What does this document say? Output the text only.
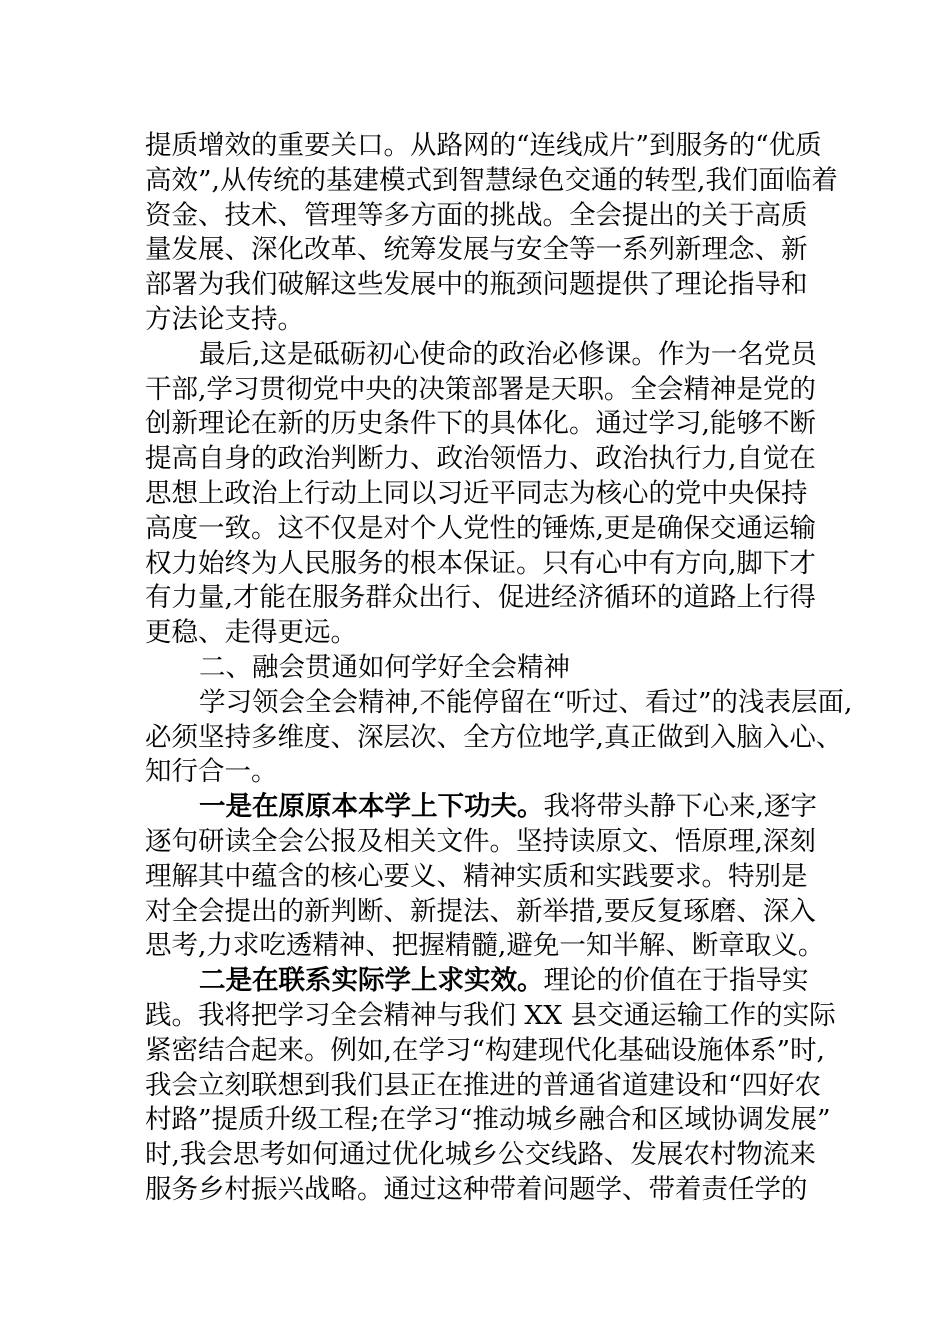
提质增效的重要关口。从路网的“连线成片”到服务的“优质
高效”,从传统的基建模式到智慧绿色交通的转型,我们面临着
资金、技术、管理等多方面的挑战。全会提出的关于高质
量发展、深化改革、统筹发展与安全等一系列新理念、新
部署为我们破解这些发展中的瓶颈问题提供了理论指导和
方法论支持。
最后,这是砥砺初心使命的政治必修课。作为一名党员
干部,学习贯彻党中央的决策部署是天职。全会精神是党的
创新理论在新的历史条件下的具体化。通过学习,能够不断
提高自身的政治判断力、政治领悟力、政治执行力,自觉在
思想上政治上行动上同以习近平同志为核心的党中央保持
高度一致。这不仅是对个人党性的锤炼,更是确保交通运输
权力始终为人民服务的根本保证。只有心中有方向,脚下才
有力量,才能在服务群众出行、促进经济循环的道路上行得
更稳、走得更远。
二、融会贯通如何学好全会精神
学习领会全会精神,不能停留在“听过、看过”的浅表层面,
必须坚持多维度、深层次、全方位地学,真正做到入脑入心、
知行合一。
一是在原原本本学上下功夫。我将带头静下心来,逐字
逐句研读全会公报及相关文件。坚持读原文、悟原理,深刻
理解其中蕴含的核心要义、精神实质和实践要求。特别是
对全会提出的新判断、新提法、新举措,要反复琢磨、深入
思考,力求吃透精神、把握精髓,避免一知半解、断章取义。
二是在联系实际学上求实效。理论的价值在于指导实
践。我将把学习全会精神与我们 XX 县交通运输工作的实际
紧密结合起来。例如,在学习“构建现代化基础设施体系”时,
我会立刻联想到我们县正在推进的普通省道建设和“四好农
村路”提质升级工程;在学习“推动城乡融合和区域协调发展”
时,我会思考如何通过优化城乡公交线路、发展农村物流来
服务乡村振兴战略。通过这种带着问题学、带着责任学的
